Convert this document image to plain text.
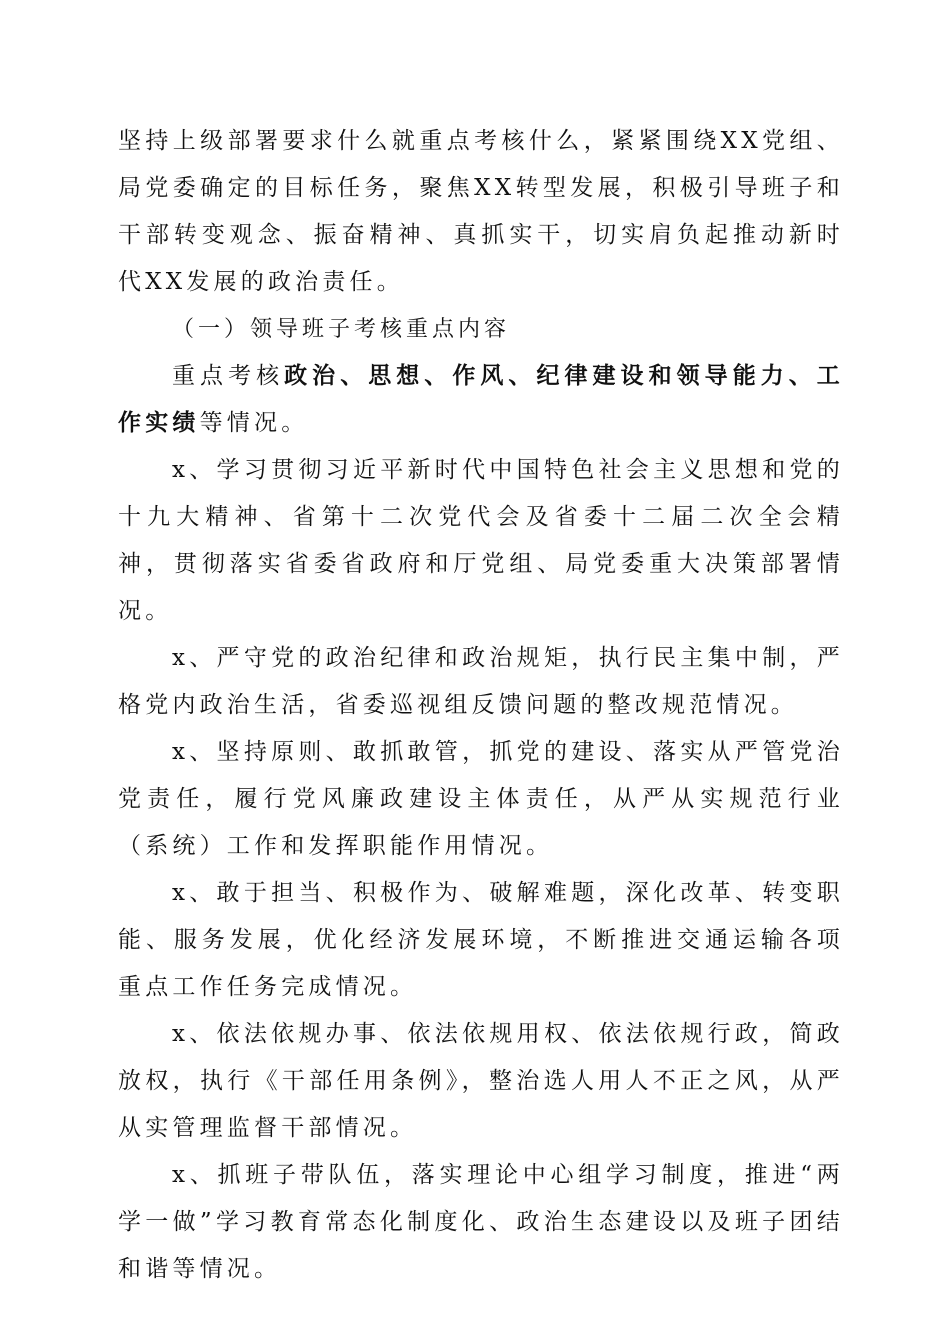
坚持上级部署要求什么就重点考核什么，紧紧围绕XX党组、局党委确定的目标任务，聚焦XX转型发展，积极引导班子和干部转变观念、振奋精神、真抓实干，切实肩负起推动新时代XX发展的政治责任。

（一）领导班子考核重点内容

重点考核政治、思想、作风、纪律建设和领导能力、工作实绩等情况。

x、学习贯彻习近平新时代中国特色社会主义思想和党的十九大精神、省第十二次党代会及省委十二届二次全会精神，贯彻落实省委省政府和厅党组、局党委重大决策部署情况。

x、严守党的政治纪律和政治规矩，执行民主集中制，严格党内政治生活，省委巡视组反馈问题的整改规范情况。

x、坚持原则、敢抓敢管，抓党的建设、落实从严管党治党责任，履行党风廉政建设主体责任，从严从实规范行业（系统）工作和发挥职能作用情况。

x、敢于担当、积极作为、破解难题，深化改革、转变职能、服务发展，优化经济发展环境，不断推进交通运输各项重点工作任务完成情况。

x、依法依规办事、依法依规用权、依法依规行政，简政放权，执行《干部任用条例》，整治选人用人不正之风，从严从实管理监督干部情况。

x、抓班子带队伍，落实理论中心组学习制度，推进“两学一做”学习教育常态化制度化、政治生态建设以及班子团结和谐等情况。
